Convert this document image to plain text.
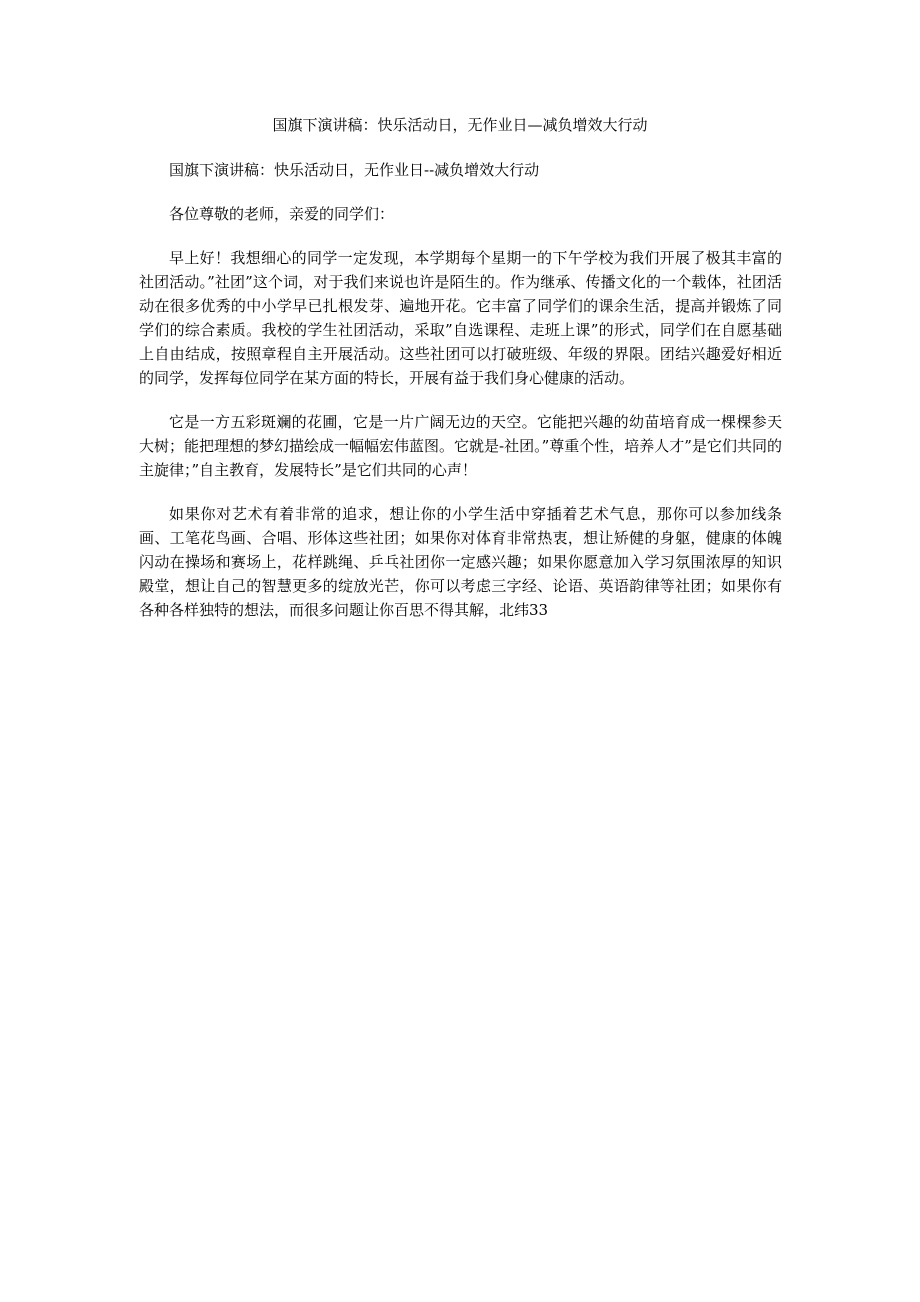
国旗下演讲稿：快乐活动日，无作业日—减负增效大行动

国旗下演讲稿：快乐活动日，无作业日--减负增效大行动

各位尊敬的老师，亲爱的同学们：

早上好！我想细心的同学一定发现，本学期每个星期一的下午学校为我们开展了极其丰富的社团活动。”社团”这个词，对于我们来说也许是陌生的。作为继承、传播文化的一个载体，社团活动在很多优秀的中小学早已扎根发芽、遍地开花。它丰富了同学们的课余生活，提高并锻炼了同学们的综合素质。我校的学生社团活动，采取”自选课程、走班上课”的形式，同学们在自愿基础上自由结成，按照章程自主开展活动。这些社团可以打破班级、年级的界限。团结兴趣爱好相近的同学，发挥每位同学在某方面的特长，开展有益于我们身心健康的活动。

它是一方五彩斑斓的花圃，它是一片广阔无边的天空。它能把兴趣的幼苗培育成一棵棵参天大树；能把理想的梦幻描绘成一幅幅宏伟蓝图。它就是-社团。”尊重个性，培养人才”是它们共同的主旋律；”自主教育，发展特长”是它们共同的心声！

如果你对艺术有着非常的追求，想让你的小学生活中穿插着艺术气息，那你可以参加线条画、工笔花鸟画、合唱、形体这些社团；如果你对体育非常热衷，想让矫健的身躯，健康的体魄闪动在操场和赛场上，花样跳绳、乒乓社团你一定感兴趣；如果你愿意加入学习氛围浓厚的知识殿堂，想让自己的智慧更多的绽放光芒，你可以考虑三字经、论语、英语韵律等社团；如果你有各种各样独特的想法，而很多问题让你百思不得其解，北纬33
